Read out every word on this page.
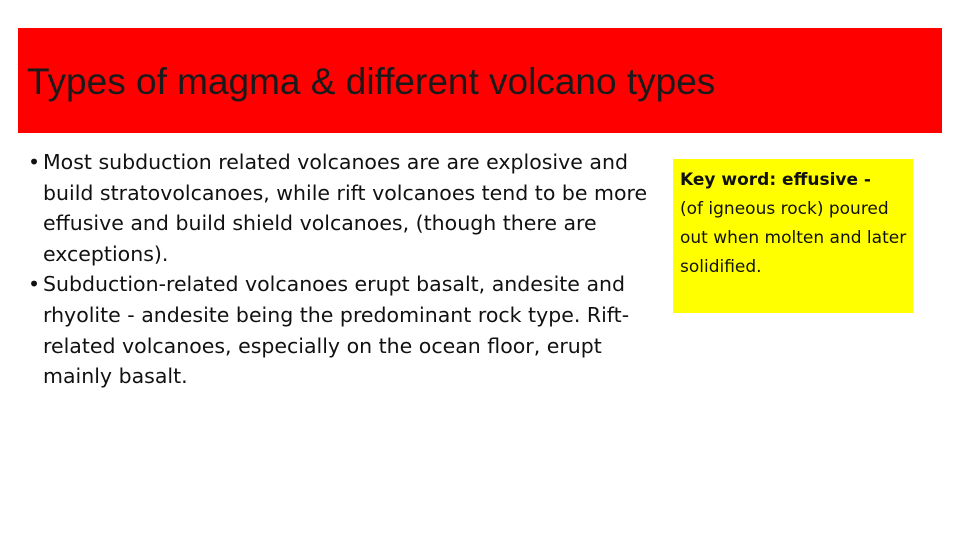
Types of magma & different volcano types
• Most subduction related volcanoes are are explosive and build stratovolcanoes, while rift volcanoes tend to be more effusive and build shield volcanoes, (though there are exceptions).
• Subduction-related volcanoes erupt basalt, andesite and rhyolite - andesite being the predominant rock type. Rift-related volcanoes, especially on the ocean floor, erupt mainly basalt.
Key word: effusive -
(of igneous rock) poured out when molten and later solidified.
